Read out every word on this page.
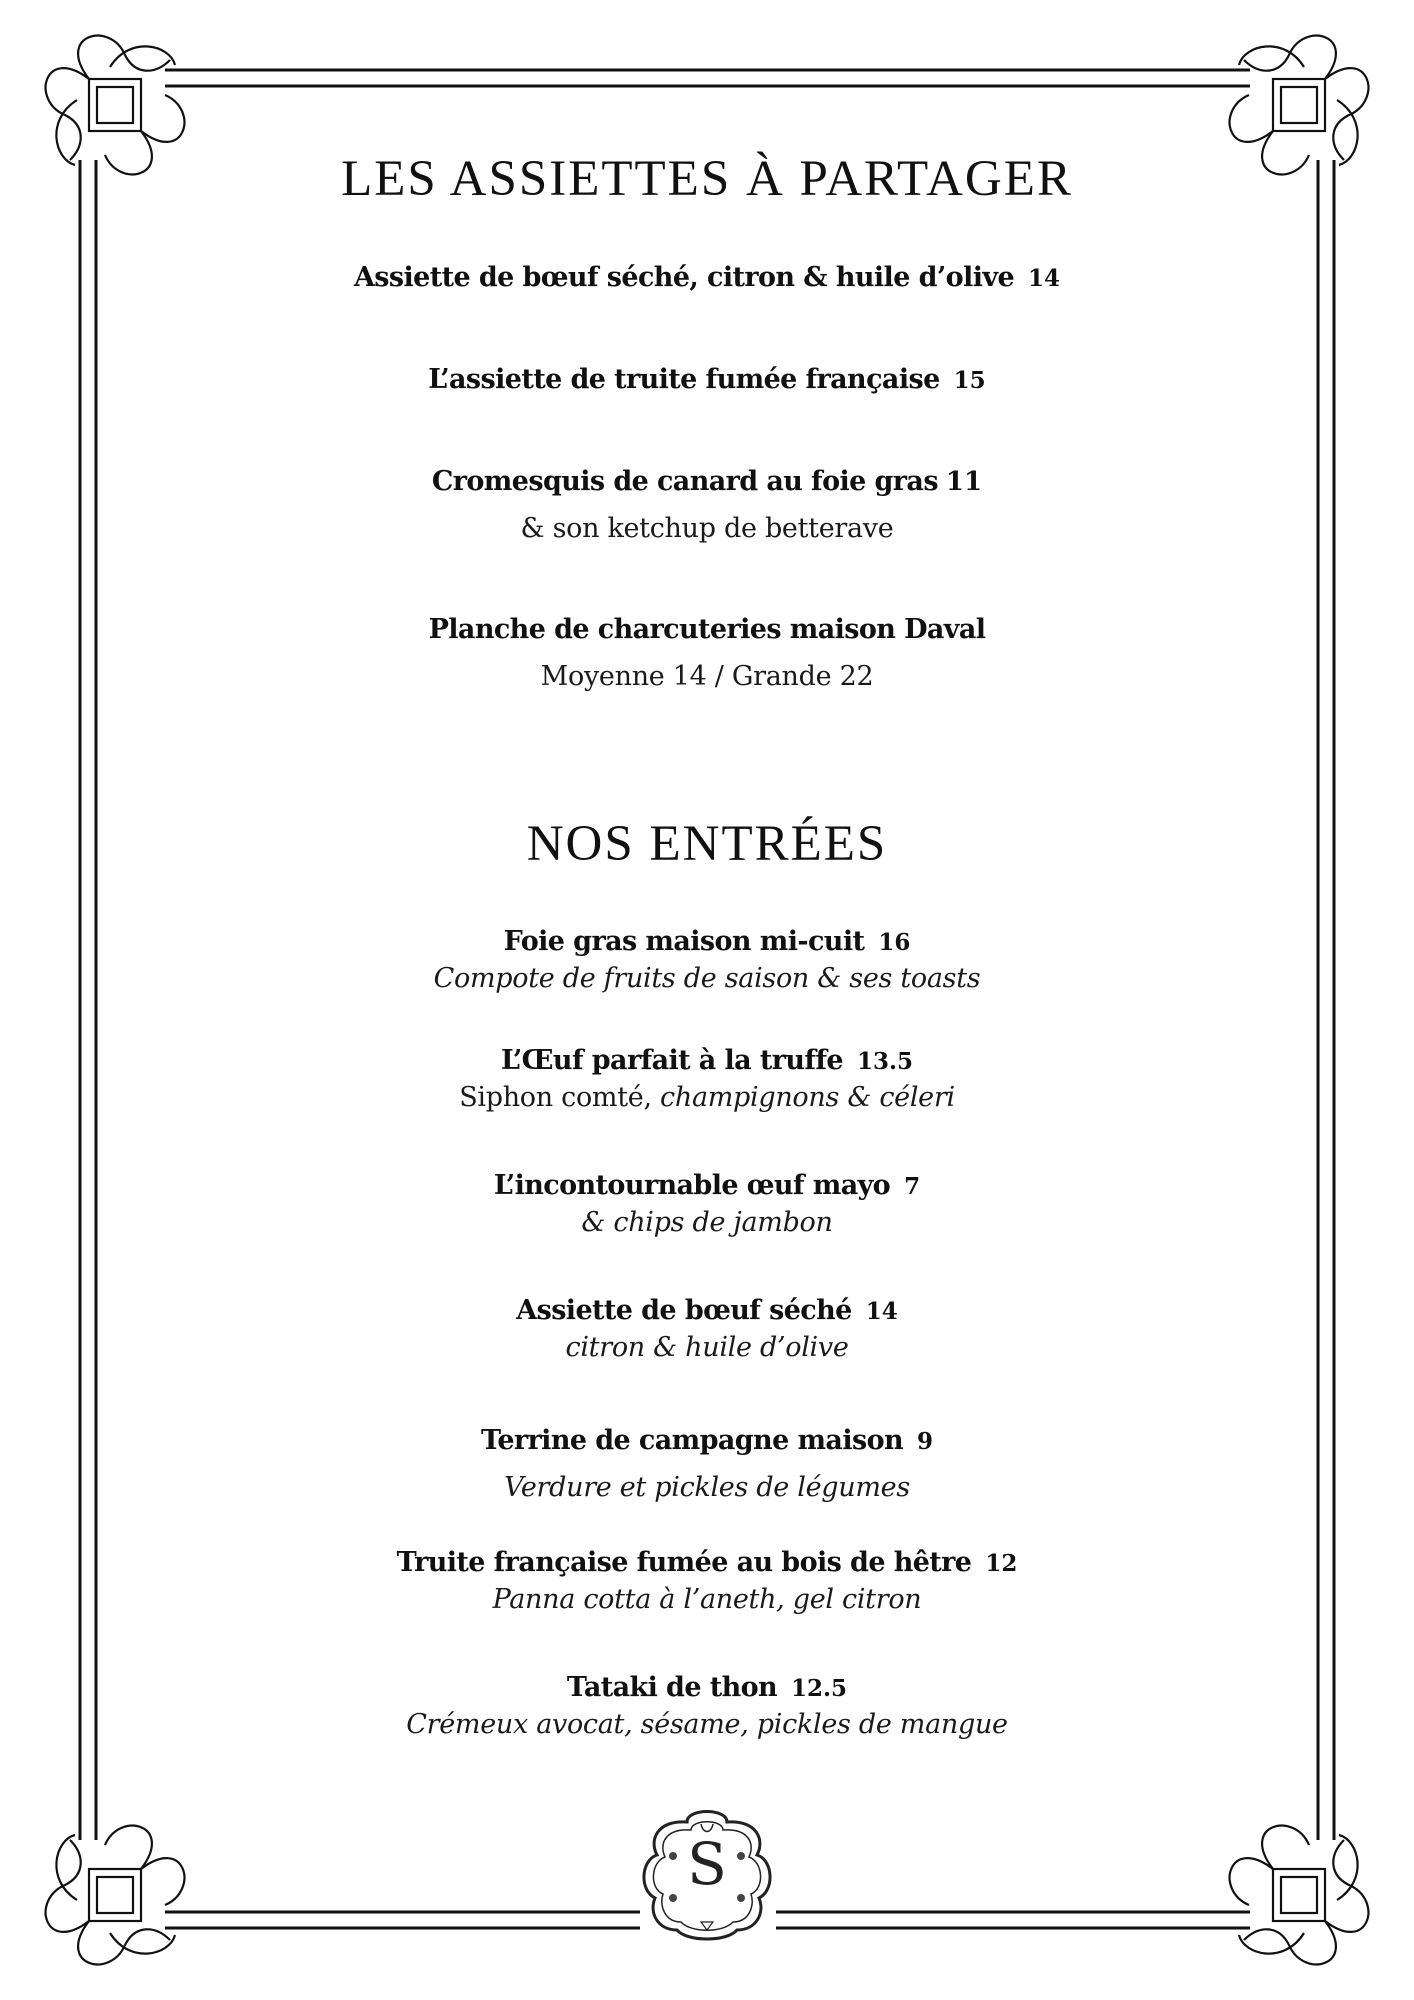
LES ASSIETTES À PARTAGER
Assiette de bœuf séché, citron & huile d’olive 14
L’assiette de truite fumée française 15
Cromesquis de canard au foie gras 11
& son ketchup de betterave
Planche de charcuteries maison Daval
Moyenne 14 / Grande 22
NOS ENTRÉES
Foie gras maison mi-cuit 16
Compote de fruits de saison & ses toasts
L’Œuf parfait à la truffe 13.5
Siphon comté, champignons & céleri
L’incontournable œuf mayo 7
& chips de jambon
Assiette de bœuf séché 14
citron & huile d’olive
Terrine de campagne maison 9
Verdure et pickles de légumes
Truite française fumée au bois de hêtre 12
Panna cotta à l’aneth, gel citron
Tataki de thon 12.5
Crémeux avocat, sésame, pickles de mangue
S
